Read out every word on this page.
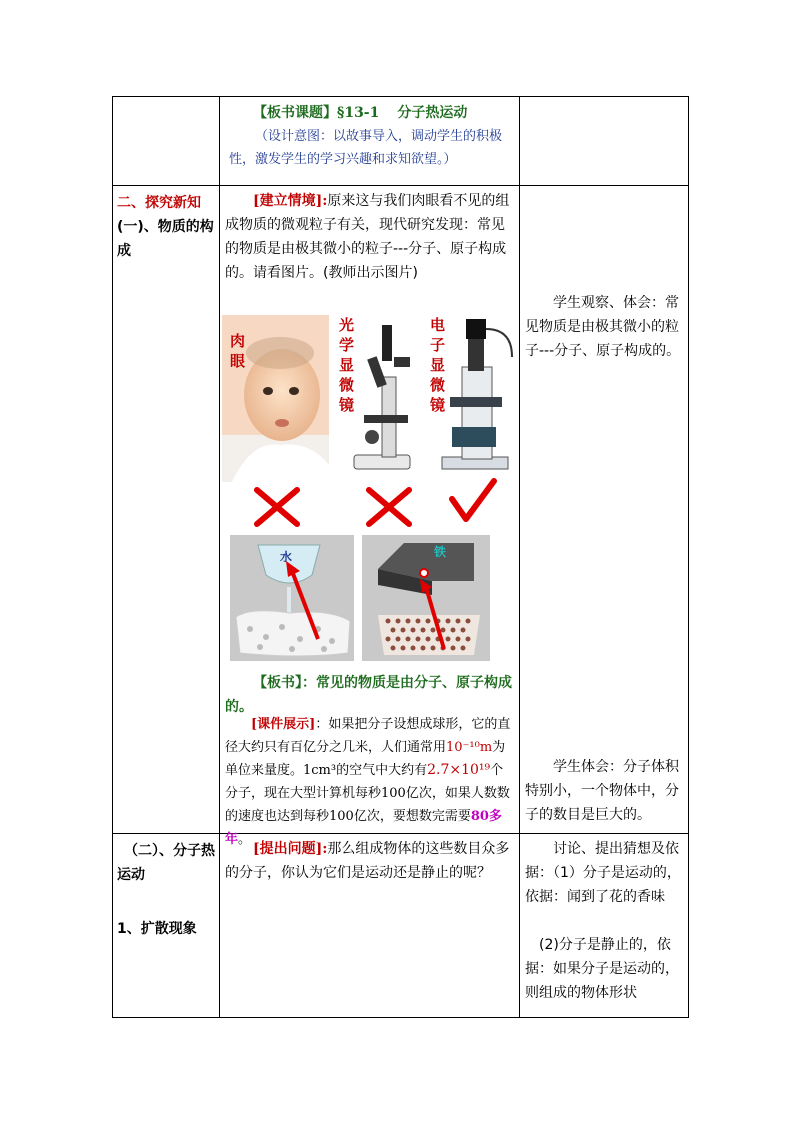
【板书课题】§13-1 分子热运动

（设计意图：以故事导入，调动学生的积极性，激发学生的学习兴趣和求知欲望。）

二、探究新知
(一)、物质的构成

[建立情境]:原来这与我们肉眼看不见的组成物质的微观粒子有关，现代研究发现：常见的物质是由极其微小的粒子---分子、原子构成的。请看图片。(教师出示图片)

肉眼
光学显微镜
电子显微镜
水	铁

【板书】：常见的物质是由分子、原子构成的。

[课件展示]：如果把分子设想成球形，它的直径大约只有百亿分之几米，人们通常用10⁻¹⁰m为单位来量度。1cm³的空气中大约有2.7×10¹⁹个分子，现在大型计算机每秒100亿次，如果人数数的速度也达到每秒100亿次，要想数完需要80多年。

学生观察、体会：常见物质是由极其微小的粒子---分子、原子构成的。

学生体会：分子体积特别小，一个物体中，分子的数目是巨大的。

（二）、分子热运动
1、扩散现象

[提出问题]:那么组成物体的这些数目众多的分子，你认为它们是运动还是静止的呢？

讨论、提出猜想及依据：（1）分子是运动的，依据：闻到了花的香味

(2)分子是静止的，依据：如果分子是运动的，则组成的物体形状
